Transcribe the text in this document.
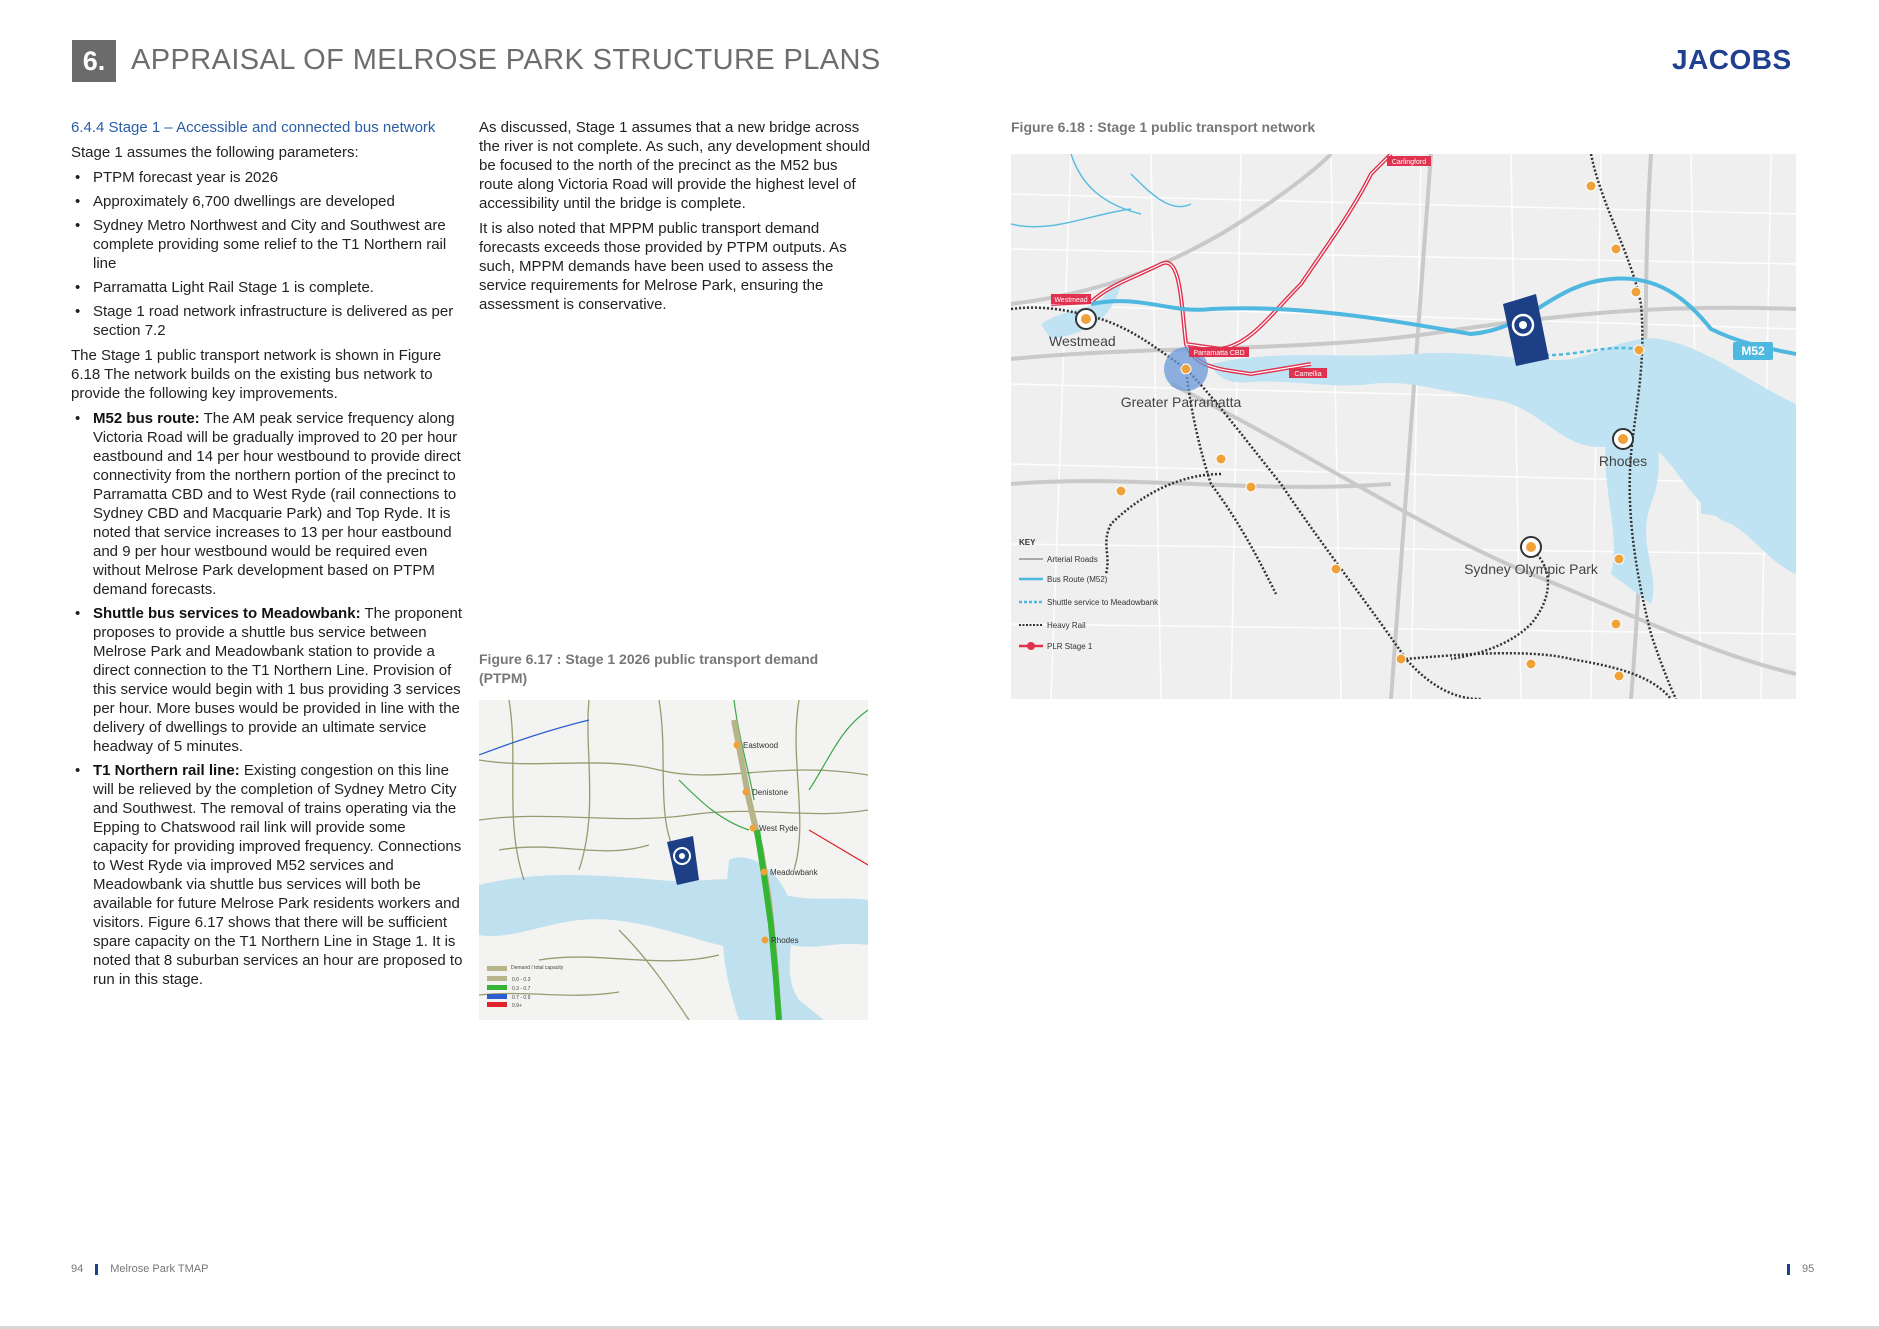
6. APPRAISAL OF MELROSE PARK STRUCTURE PLANS	JACOBS
6.4.4 Stage 1 – Accessible and connected bus network

Stage 1 assumes the following parameters:

• PTPM forecast year is 2026
• Approximately 6,700 dwellings are developed
• Sydney Metro Northwest and City and Southwest are complete providing some relief to the T1 Northern rail line
• Parramatta Light Rail Stage 1 is complete.
• Stage 1 road network infrastructure is delivered as per section 7.2

The Stage 1 public transport network is shown in Figure 6.18 The network builds on the existing bus network to provide the following key improvements.

• M52 bus route: The AM peak service frequency along Victoria Road will be gradually improved to 20 per hour eastbound and 14 per hour westbound to provide direct connectivity from the northern portion of the precinct to Parramatta CBD and to West Ryde (rail connections to Sydney CBD and Macquarie Park) and Top Ryde. It is noted that service increases to 13 per hour eastbound and 9 per hour westbound would be required even without Melrose Park development based on PTPM demand forecasts.
• Shuttle bus services to Meadowbank: The proponent proposes to provide a shuttle bus service between Melrose Park and Meadowbank station to provide a direct connection to the T1 Northern Line. Provision of this service would begin with 1 bus providing 3 services per hour. More buses would be provided in line with the delivery of dwellings to provide an ultimate service headway of 5 minutes.
• T1 Northern rail line: Existing congestion on this line will be relieved by the completion of Sydney Metro City and Southwest. The removal of trains operating via the Epping to Chatswood rail link will provide some capacity for providing improved frequency. Connections to West Ryde via improved M52 services and Meadowbank via shuttle bus services will both be available for future Melrose Park residents workers and visitors. Figure 6.17 shows that there will be sufficient spare capacity on the T1 Northern Line in Stage 1. It is noted that 8 suburban services an hour are proposed to run in this stage.

As discussed, Stage 1 assumes that a new bridge across the river is not complete. As such, any development should be focused to the north of the precinct as the M52 bus route along Victoria Road will provide the highest level of accessibility until the bridge is complete.

It is also noted that MPPM public transport demand forecasts exceeds those provided by PTPM outputs. As such, MPPM demands have been used to assess the service requirements for Melrose Park, ensuring the assessment is conservative.

Figure 6.17 : Stage 1 2026 public transport demand (PTPM)
Eastwood
Denistone
West Ryde
Meadowbank
Rhodes
Demand / total capacity
0.0 - 0.3
0.3 - 0.7
0.7 - 0.9
0.9+
Figure 6.18 : Stage 1 public transport network
M52
Westmead
Parramatta CBD
Carlingford
Camellia
Westmead
Greater Parramatta
Rhodes
Sydney Olympic Park
KEY
Arterial Roads
Bus Route (M52)
Shuttle service to Meadowbank
Heavy Rail
PLR Stage 1
94 Melrose Park TMAP	95
